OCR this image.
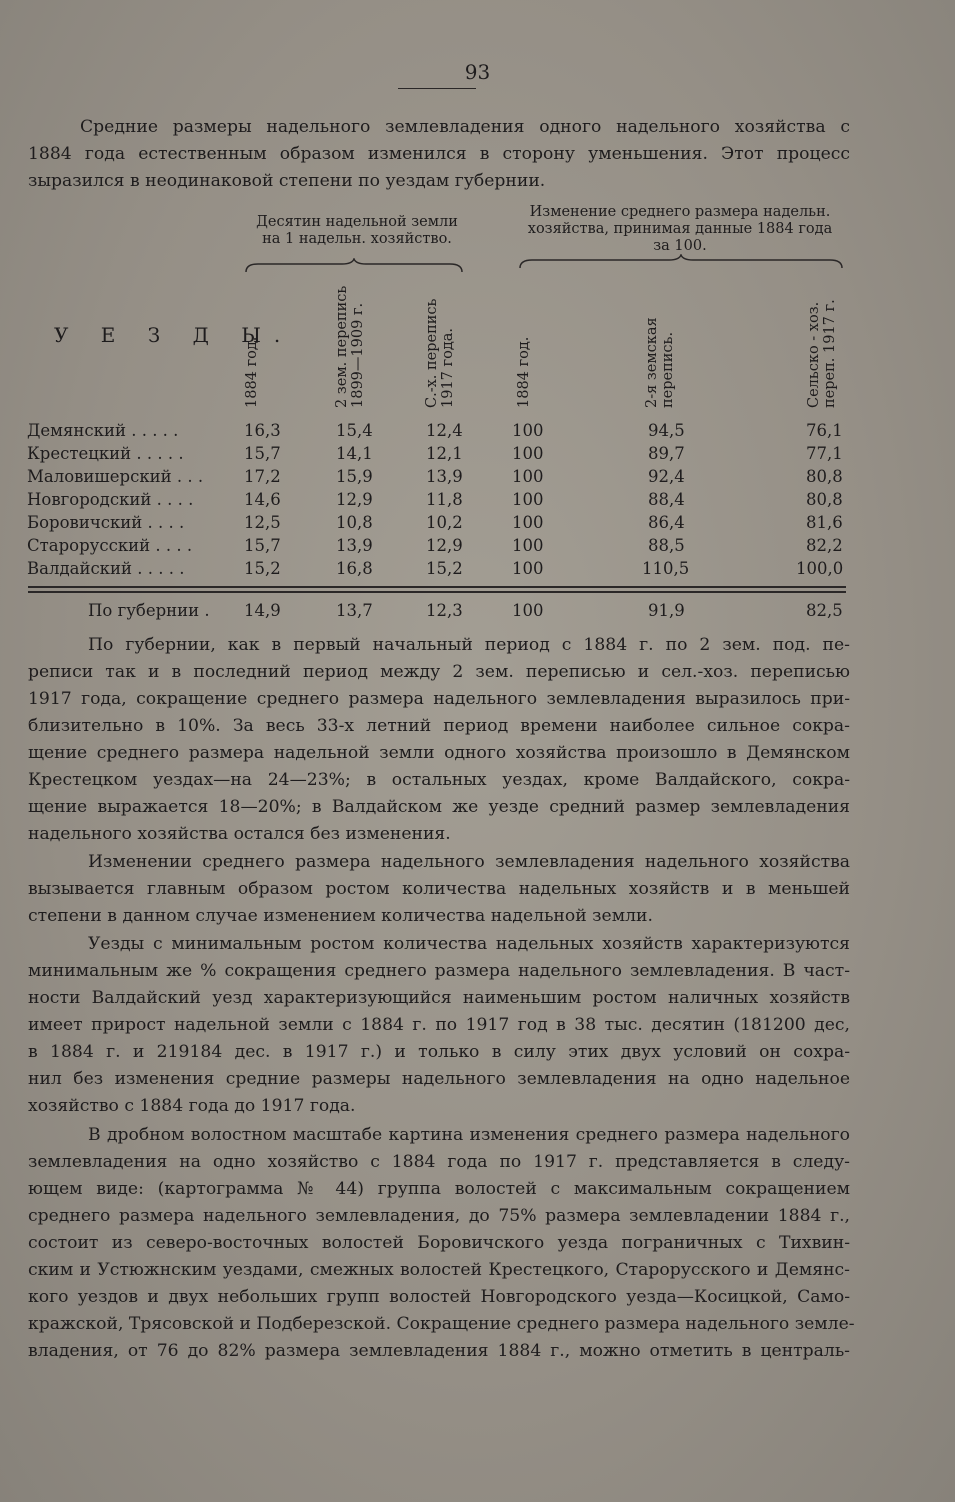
93
Средние размеры надельного землевладения одного надельного хозяйства с
1884 года естественным образом изменился в сторону уменьшения. Этот процесс
зыразился в неодинаковой степени по уездам губернии.
Десятин надельной земли
на 1 надельн. хозяйство.
Изменение среднего размера надельн.
хозяйства, принимая данные 1884 года
за 100.
У Е З Д Ы.
1884 год.	2 зем. перепись 1899—1909 г.	С.-х. перепись 1917 года.	1884 год.	2-я земская перепись.	Сельско - хоз. переп. 1917 г.
Демянский . . . . .	16,3	15,4	12,4	100	94,5	76,1
Крестецкий . . . . .	15,7	14,1	12,1	100	89,7	77,1
Маловишерский . . . 17,2	15,9	13,9	100	92,4	80,8
Новгородский . . . .	14,6	12,9	11,8	100	88,4	80,8
Боровичский . . . .	12,5	10,8	10,2	100	86,4	81,6
Старорусский . . . .	15,7	13,9	12,9	100	88,5	82,2
Валдайский . . . . .	15,2	16,8	15,2	100	110,5	100,0
По губернии . 14,9	13,7	12,3	100	91,9	82,5
По губернии, как в первый начальный период с 1884 г. по 2 зем. под. пе-
реписи так и в последний период между 2 зем. переписью и сел.-хоз. переписью
1917 года, сокращение среднего размера надельного землевладения выразилось при-
близительно в 10%. За весь 33-х летний период времени наиболее сильное сокра-
щение среднего размера надельной земли одного хозяйства произошло в Демянском
Крестецком уездах—на 24—23%; в остальных уездах, кроме Валдайского, сокра-
щение выражается 18—20%; в Валдайском же уезде средний размер землевладения
надельного хозяйства остался без изменения.
Изменении среднего размера надельного землевладения надельного хозяйства
вызывается главным образом ростом количества надельных хозяйств и в меньшей
степени в данном случае изменением количества надельной земли.
Уезды с минимальным ростом количества надельных хозяйств характеризуются
минимальным же % сокращения среднего размера надельного землевладения. В част-
ности Валдайский уезд характеризующийся наименьшим ростом наличных хозяйств
имеет прирост надельной земли с 1884 г. по 1917 год в 38 тыс. десятин (181200 дес,
в 1884 г. и 219184 дес. в 1917 г.) и только в силу этих двух условий он сохра-
нил без изменения средние размеры надельного землевладения на одно надельное
хозяйство с 1884 года до 1917 года.
В дробном волостном масштабе картина изменения среднего размера надельного
землевладения на одно хозяйство с 1884 года по 1917 г. представляется в следу-
ющем виде: (картограмма № 44) группа волостей с максимальным сокращением
среднего размера надельного землевладения, до 75% размера землевладении 1884 г.,
состоит из северо-восточных волостей Боровичского уезда пограничных с Тихвин-
ским и Устюжнским уездами, смежных волостей Крестецкого, Старорусского и Демянс-
кого уездов и двух небольших групп волостей Новгородского уезда—Косицкой, Само-
кражской, Трясовской и Подберезской. Сокращение среднего размера надельного земле-
владения, от 76 до 82% размера землевладения 1884 г., можно отметить в централь-
